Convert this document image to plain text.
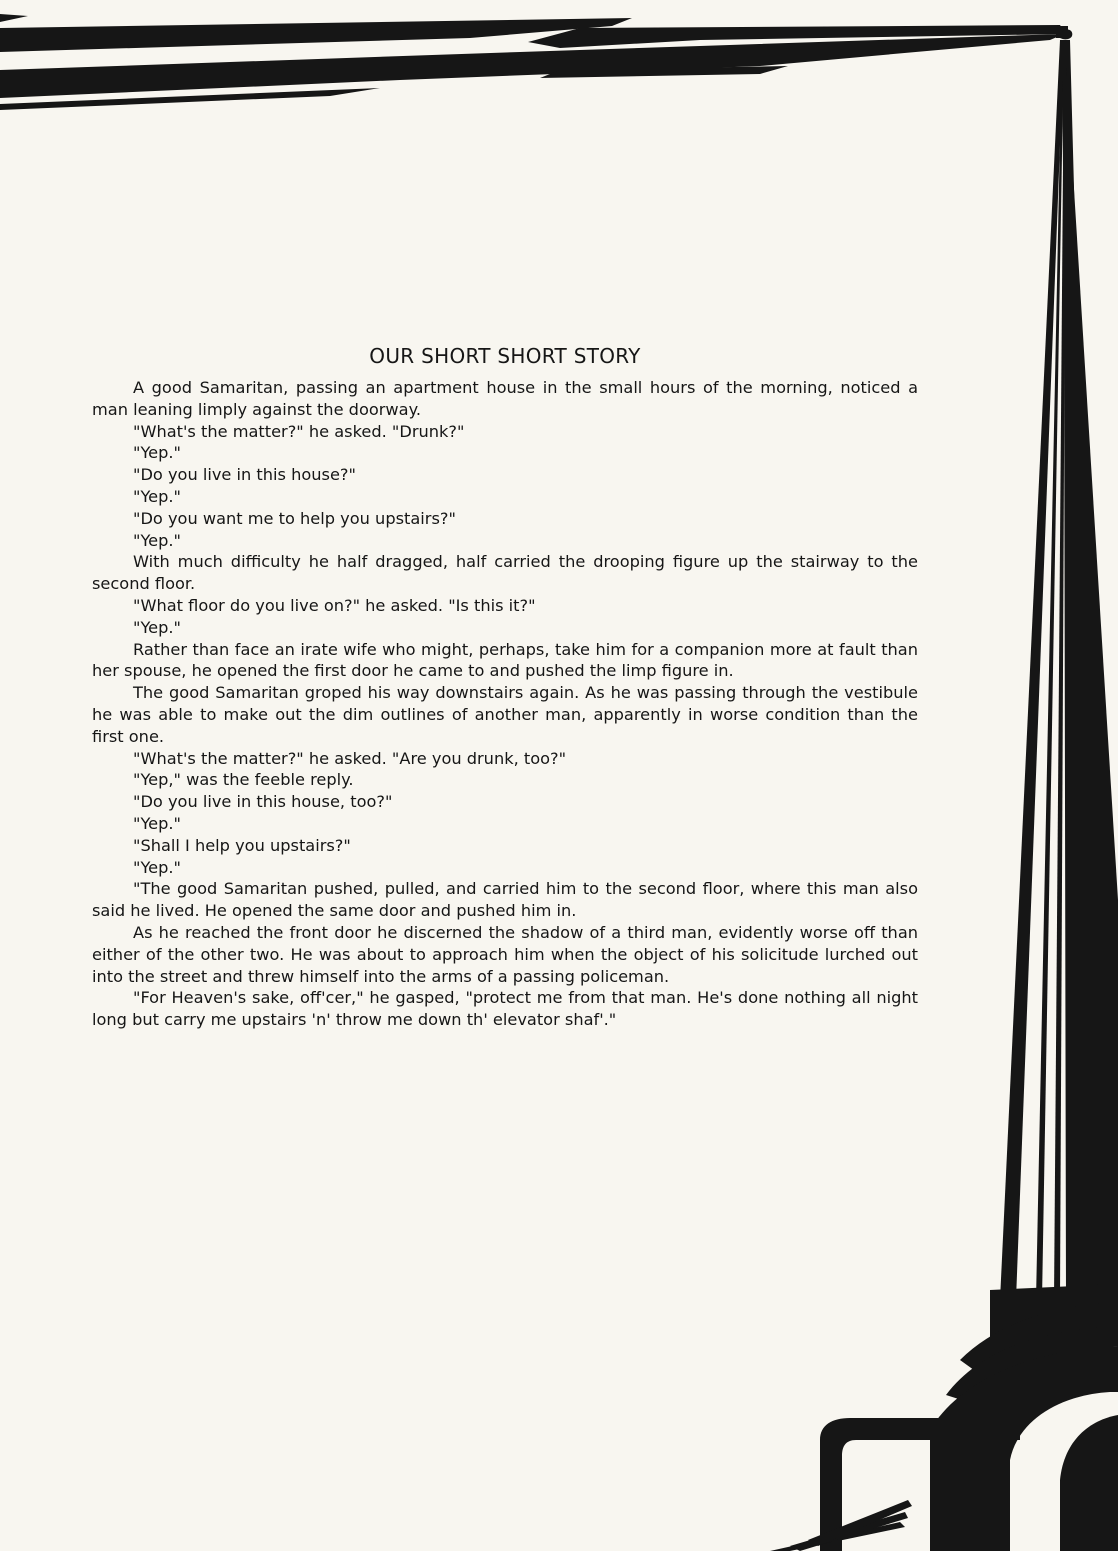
OUR SHORT SHORT STORY

A good Samaritan, passing an apartment house in the small hours of the morning, noticed a man leaning limply against the doorway.

"What's the matter?" he asked. "Drunk?"

"Yep."

"Do you live in this house?"

"Yep."

"Do you want me to help you upstairs?"

"Yep."

With much difficulty he half dragged, half carried the drooping figure up the stairway to the second floor.

"What floor do you live on?" he asked. "Is this it?"

"Yep."

Rather than face an irate wife who might, perhaps, take him for a companion more at fault than her spouse, he opened the first door he came to and pushed the limp figure in.

The good Samaritan groped his way downstairs again. As he was passing through the vestibule he was able to make out the dim outlines of another man, apparently in worse condition than the first one.

"What's the matter?" he asked. "Are you drunk, too?"

"Yep," was the feeble reply.

"Do you live in this house, too?"

"Yep."

"Shall I help you upstairs?"

"Yep."

"The good Samaritan pushed, pulled, and carried him to the second floor, where this man also said he lived. He opened the same door and pushed him in.

As he reached the front door he discerned the shadow of a third man, evidently worse off than either of the other two. He was about to approach him when the object of his solicitude lurched out into the street and threw himself into the arms of a passing policeman.

"For Heaven's sake, off'cer," he gasped, "protect me from that man. He's done nothing all night long but carry me upstairs 'n' throw me down th' elevator shaf'."
